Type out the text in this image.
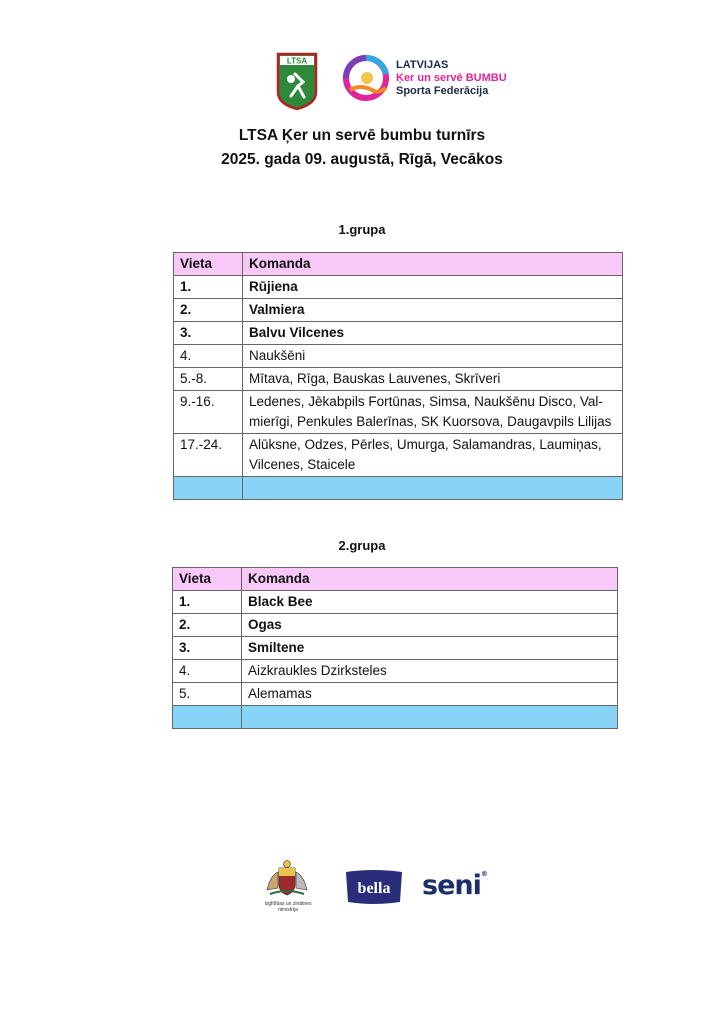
LTSA	LATVIJAS
Ķer un servē BUMBU
Sporta Federācija
LTSA Ķer un servē bumbu turnīrs
2025. gada 09. augustā, Rīgā, Vecākos
1.grupa
Vieta	Komanda
1.	Rūjiena
2.	Valmiera
3.	Balvu Vilcenes
4.	Naukšēni
5.-8.	Mītava, Rīga, Bauskas Lauvenes, Skrīveri
9.-16.	Ledenes, Jēkabpils Fortūnas, Simsa, Naukšēnu Disco, Val-mierīgi, Penkules Balerīnas, SK Kuorsova, Daugavpils Lilijas
17.-24.	Alūksne, Odzes, Pērles, Umurga, Salamandras, Laumiņas, Vilcenes, Staicele

2.grupa
Vieta	Komanda
1.	Black Bee
2.	Ogas
3.	Smiltene
4.	Aizkraukles Dzirksteles
5.	Alemamas

Izglītības un zinātnes
ministrija
bella seni®
